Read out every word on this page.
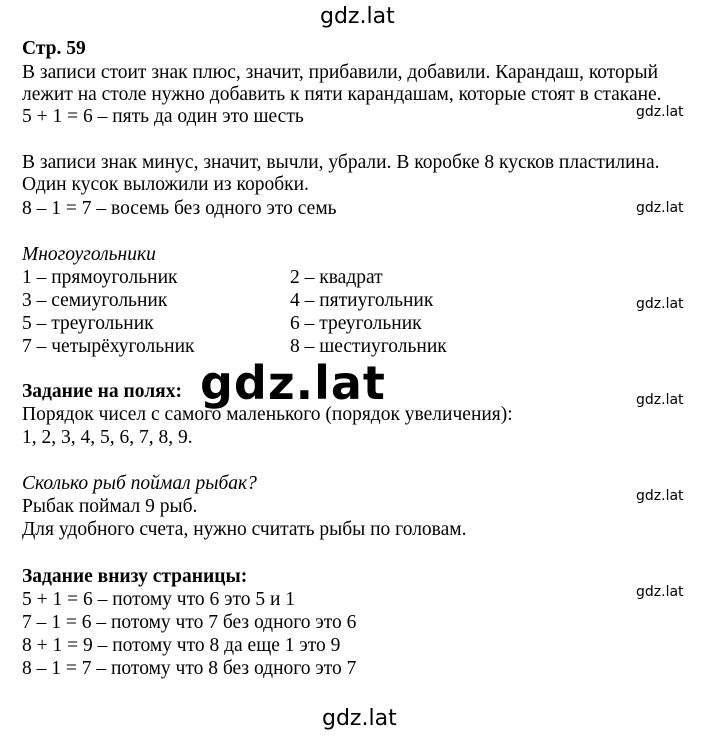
gdz.lat
gdz.lat
gdz.lat
gdz.lat
gdz.lat
gdz.lat
gdz.lat
gdz.lat
Стр. 59
В записи стоит знак плюс, значит, прибавили, добавили. Карандаш, который
лежит на столе нужно добавить к пяти карандашам, которые стоят в стакане.
5 + 1 = 6 – пять да один это шесть
В записи знак минус, значит, вычли, убрали. В коробке 8 кусков пластилина.
Один кусок выложили из коробки.
8 – 1 = 7 – восемь без одного это семь
Многоугольники
1 – прямоугольник	2 – квадрат
3 – семиугольник	4 – пятиугольник
5 – треугольник	6 – треугольник
7 – четырёхугольник	8 – шестиугольник
gdz.lat
Задание на полях:
Порядок чисел с самого маленького (порядок увеличения):
1, 2, 3, 4, 5, 6, 7, 8, 9.
Сколько рыб поймал рыбак?
Рыбак поймал 9 рыб.
Для удобного счета, нужно считать рыбы по головам.
Задание внизу страницы:
5 + 1 = 6 – потому что 6 это 5 и 1
7 – 1 = 6 – потому что 7 без одного это 6
8 + 1 = 9 – потому что 8 да еще 1 это 9
8 – 1 = 7 – потому что 8 без одного это 7
